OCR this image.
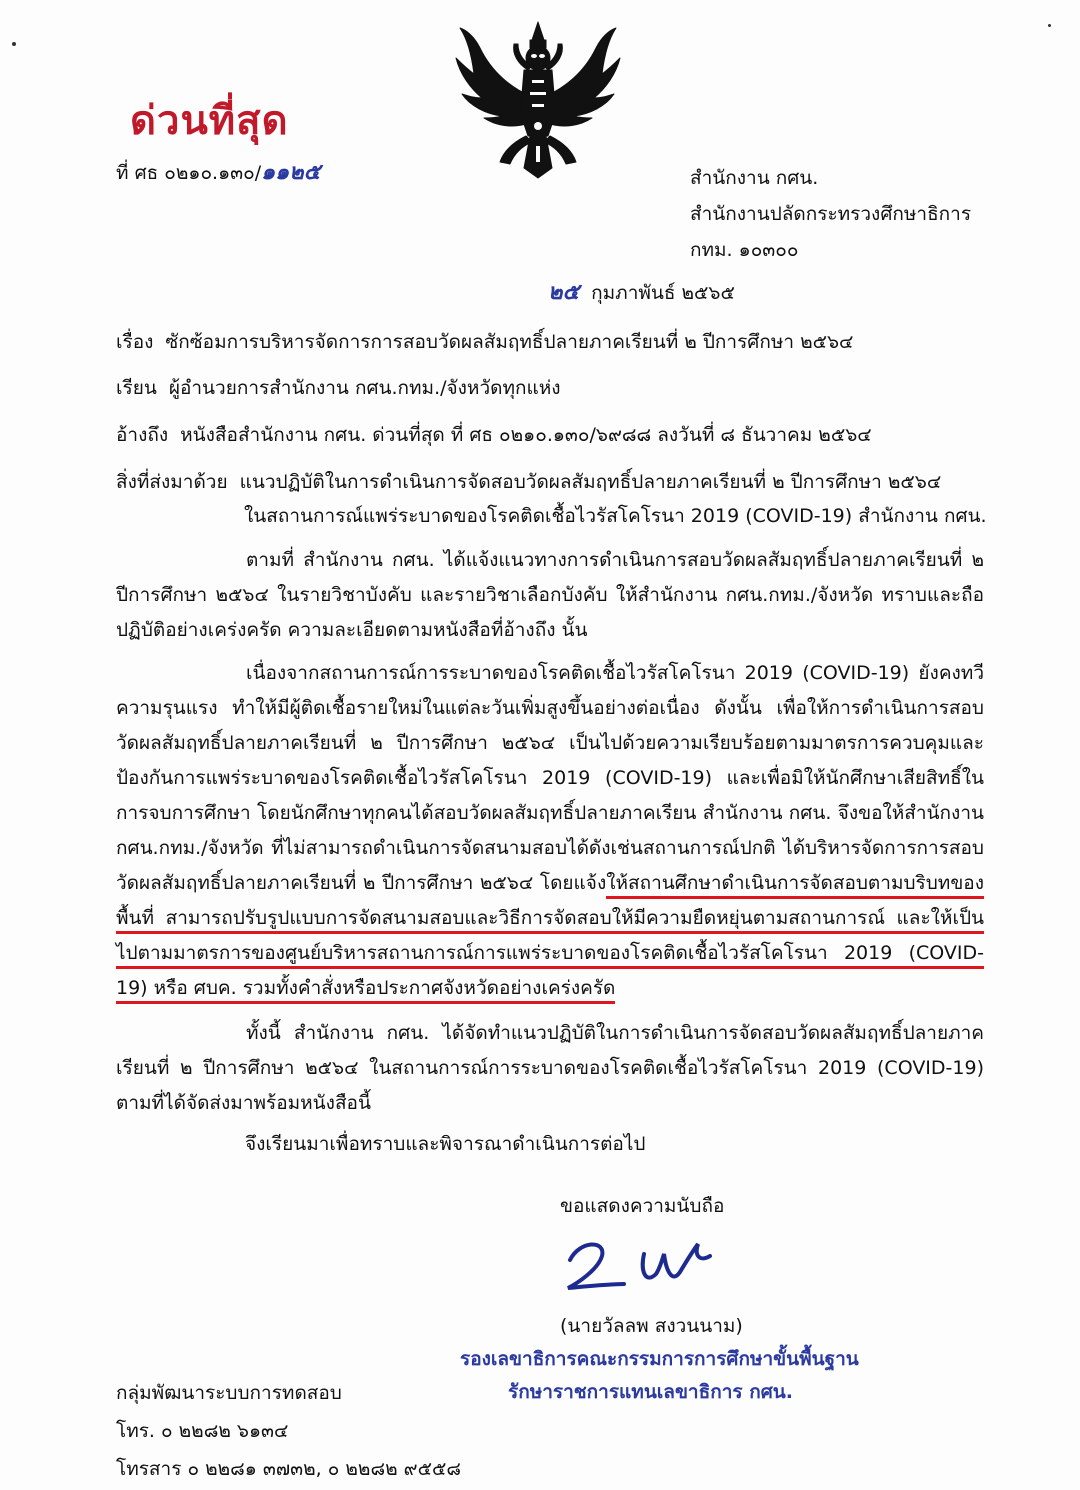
ด่วนที่สุด
ที่ ศธ ๐๒๑๐.๑๓๐/๑๑๒๕	สำนักงาน กศน.
สำนักงานปลัดกระทรวงศึกษาธิการ
กทม. ๑๐๓๐๐
๒๕ กุมภาพันธ์ ๒๕๖๕
เรื่อง ซักซ้อมการบริหารจัดการการสอบวัดผลสัมฤทธิ์ปลายภาคเรียนที่ ๒ ปีการศึกษา ๒๕๖๔
เรียน ผู้อำนวยการสำนักงาน กศน.กทม./จังหวัดทุกแห่ง
อ้างถึง หนังสือสำนักงาน กศน. ด่วนที่สุด ที่ ศธ ๐๒๑๐.๑๓๐/๖๙๘๘ ลงวันที่ ๘ ธันวาคม ๒๕๖๔
สิ่งที่ส่งมาด้วย แนวปฏิบัติในการดำเนินการจัดสอบวัดผลสัมฤทธิ์ปลายภาคเรียนที่ ๒ ปีการศึกษา ๒๕๖๔
ในสถานการณ์แพร่ระบาดของโรคติดเชื้อไวรัสโคโรนา 2019 (COVID-19) สำนักงาน กศน.
ตามที่ สำนักงาน กศน. ได้แจ้งแนวทางการดำเนินการสอบวัดผลสัมฤทธิ์ปลายภาคเรียนที่ ๒ ปีการศึกษา ๒๕๖๔ ในรายวิชาบังคับ และรายวิชาเลือกบังคับ ให้สำนักงาน กศน.กทม./จังหวัด ทราบและถือปฏิบัติอย่างเคร่งครัด ความละเอียดตามหนังสือที่อ้างถึง นั้น
เนื่องจากสถานการณ์การระบาดของโรคติดเชื้อไวรัสโคโรนา 2019 (COVID-19) ยังคงทวีความรุนแรง ทำให้มีผู้ติดเชื้อรายใหม่ในแต่ละวันเพิ่มสูงขึ้นอย่างต่อเนื่อง ดังนั้น เพื่อให้การดำเนินการสอบวัดผลสัมฤทธิ์ปลายภาคเรียนที่ ๒ ปีการศึกษา ๒๕๖๔ เป็นไปด้วยความเรียบร้อยตามมาตรการควบคุมและป้องกันการแพร่ระบาดของโรคติดเชื้อไวรัสโคโรนา 2019 (COVID-19) และเพื่อมิให้นักศึกษาเสียสิทธิ์ในการจบการศึกษา โดยนักศึกษาทุกคนได้สอบวัดผลสัมฤทธิ์ปลายภาคเรียน สำนักงาน กศน. จึงขอให้สำนักงาน กศน.กทม./จังหวัด ที่ไม่สามารถดำเนินการจัดสนามสอบได้ดังเช่นสถานการณ์ปกติ ได้บริหารจัดการการสอบวัดผลสัมฤทธิ์ปลายภาคเรียนที่ ๒ ปีการศึกษา ๒๕๖๔ โดยแจ้งให้สถานศึกษาดำเนินการจัดสอบตามบริบทของพื้นที่ สามารถปรับรูปแบบการจัดสนามสอบและวิธีการจัดสอบให้มีความยืดหยุ่นตามสถานการณ์ และให้เป็นไปตามมาตรการของศูนย์บริหารสถานการณ์การแพร่ระบาดของโรคติดเชื้อไวรัสโคโรนา 2019 (COVID-19) หรือ ศบค. รวมทั้งคำสั่งหรือประกาศจังหวัดอย่างเคร่งครัด
ทั้งนี้ สำนักงาน กศน. ได้จัดทำแนวปฏิบัติในการดำเนินการจัดสอบวัดผลสัมฤทธิ์ปลายภาคเรียนที่ ๒ ปีการศึกษา ๒๕๖๔ ในสถานการณ์การระบาดของโรคติดเชื้อไวรัสโคโรนา 2019 (COVID-19) ตามที่ได้จัดส่งมาพร้อมหนังสือนี้
จึงเรียนมาเพื่อทราบและพิจารณาดำเนินการต่อไป
ขอแสดงความนับถือ
(นายวัลลพ สงวนนาม)
รองเลขาธิการคณะกรรมการการศึกษาขั้นพื้นฐาน
รักษาราชการแทนเลขาธิการ กศน.
กลุ่มพัฒนาระบบการทดสอบ
โทร. ๐ ๒๒๘๒ ๖๑๓๔
โทรสาร ๐ ๒๒๘๑ ๓๗๓๒, ๐ ๒๒๘๒ ๙๕๕๘
